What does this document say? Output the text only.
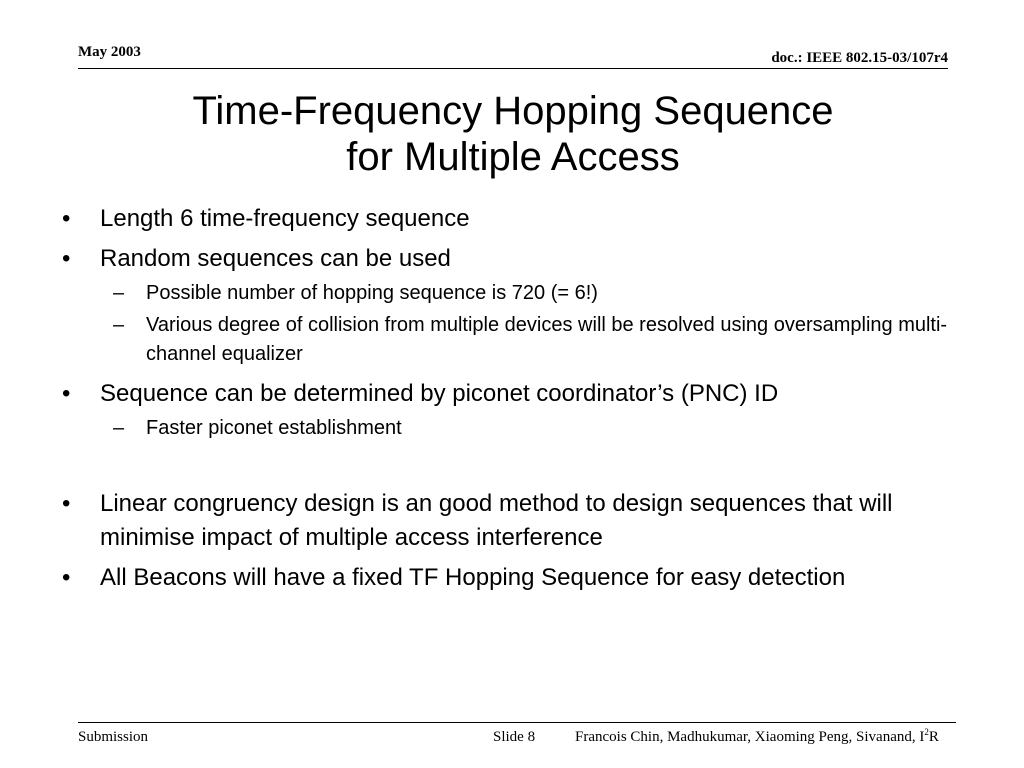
May 2003	doc.: IEEE 802.15-03/107r4
Time-Frequency Hopping Sequence
for Multiple Access
• Length 6 time-frequency sequence
• Random sequences can be used
– Possible number of hopping sequence is 720 (= 6!)
– Various degree of collision from multiple devices will be resolved using oversampling multi-channel equalizer
• Sequence can be determined by piconet coordinator’s (PNC) ID
– Faster piconet establishment
• Linear congruency design is an good method to design sequences that will minimise impact of multiple access interference
• All Beacons will have a fixed TF Hopping Sequence for easy detection
Submission	Slide 8	Francois Chin, Madhukumar, Xiaoming Peng, Sivanand, $I^2R$
